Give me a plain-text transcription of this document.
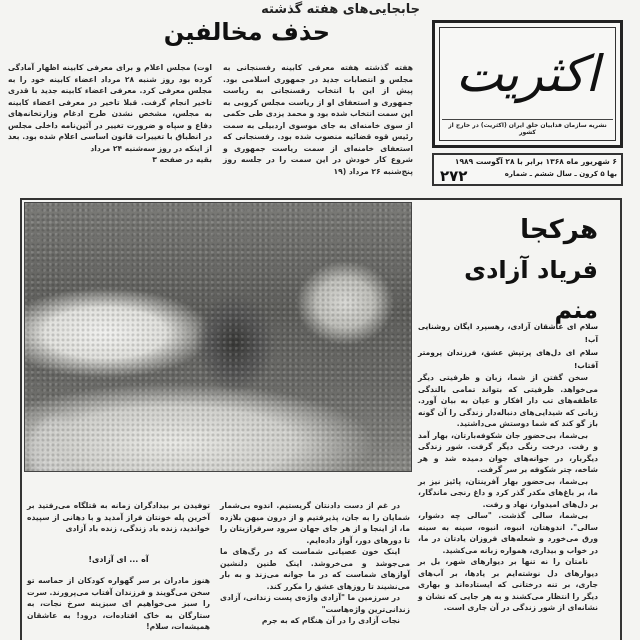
جابجایی‌های هفته گذشته
حذف مخالفین
هفته گذشته هفته معرفی کابینه رفسنجانی به مجلس و انتصابات جدید در جمهوری اسلامی بود. پیش از این با انتخاب رفسنجانی به ریاست جمهوری و استعفای او از ریاست مجلس کروبی به این سمت انتخاب شده بود و محمد یزدی طی حکمی از سوی خامنه‌ای به جای موسوی اردبیلی به سمت رئیس قوه قضائیه منصوب شده بود. رفسنجانی که استعفای خامنه‌ای از سمت ریاست جمهوری و شروع کار خودش در این سمت را در جلسه روز پنج‌شنبه ۲۶ مرداد (۱۹
اوت) مجلس اعلام و برای معرفی کابینه اظهار آمادگی کرده بود روز شنبه ۲۸ مرداد اعضاء کابینه خود را به مجلس معرفی کرد. معرفی اعضاء کابینه جدید با قدری تاخیر انجام گرفت. قبلا تاخیر در معرفی اعضاء کابینه به مجلس، مشخص نشدن طرح ادغام وزارتخانه‌های دفاع و سپاه و ضرورت تغییر در آئین‌نامه داخلی مجلس در انطباق با تغییرات قانون اساسی اعلام شده بود. بعد از اینکه در روز سه‌شنبه ۲۴ مرداد
بقیه در صفحه ۳
اکثریت
نشریه سازمان فداییان خلق ایران (اکثریت) در خارج از کشور
۶ شهریور ماه ۱۳۶۸ برابر با ۲۸ آگوست ۱۹۸۹
بها ۵ کرون ـ سال ششم ـ شماره
۲۷۲
هرکجا
فریاد آزادی منم
سلام ای عاشقان آزادی، رهسپرد ایگان روشنایی آب!
سلام ای دل‌های پرتپش عشق، فرزندان پرومتر آفتاب!

سخن گفتن از شما، زبان و ظرفیتی دیگر می‌خواهد. ظرفیتی که بتواند تمامی بالندگی عاطفه‌های تب دار افکار و عیان به بیان آورد. زبانی که شیدایی‌های دنباله‌دار زندگی را آن گونه باز گو کند که شما دوستش می‌داشتید.

بی‌شما، بی‌حضور جان شکوفه‌بارتان، بهار آمد و رفت. درخت رنگی دیگر گرفت. شور زندگی دیگربار، در جوانه‌های جوان دمیده شد و هر شاخه، چتر شکوفه بر سر گرفت.

بی‌شما، بی‌حضور بهار آفرینتان، پائیز نیز بر ما، بر باغ‌های مکدر گذر کرد و داغ رنجی ماندگار، بر دل‌های امیدوار، نهاد و رفت.

بی‌شما، سالی گذشت. "سالی چه دشوار، سالی". اندوهتان، انبوه، انبوه، سینه به سینه ورق می‌خورد و شعله‌های فروزان یادتان در ما، در خواب و بیداری، همواره زبانه می‌کشید.

نامتان را نه تنها بر دیوارهای شهر، بل بر دیوارهای دل نوشته‌ایم بر یادها، بر آب‌های جاری، بر تنه درختانی که ایستاده‌اند و بهاری دیگر را انتظار می‌کشند و به هر جایی که نشان و نشانه‌ای از شور زندگی در آن جاری است.

در غم از دست دادنتان گریستیم. اندوه بی‌شمار شمایان را به جان، پذیرفتیم و از درون میهن بلازده ما، از اینجا و از هر جای جهان سرود سرفرازیتان را تا دورهای دور، آواز داده‌ایم.

اینک خون عصیانی شماست که در رگ‌های ما می‌جوشد و می‌خروشد. اینک طنین دلنشین آوازهای شماست که در ما جوانه می‌زند و به بار می‌نشیند تا روزهای عشق را مکرر کند.

در سرزمین ما "آزادی واژه‌ی پست زندانی، آزادی زندانی‌ترین واژه‌هاست"

نجات آزادی را در آن هنگام که به جرم

توفیدن بر بیدادگران زمانه به قتلگاه می‌رفتید بر آخرین پله خونتان فراز آمدید و با دهانی از سپیده خواندید، زنده باد زندگی، زنده باد آزادی
آه ... ای آزادی!
هنوز مادران بر سر گهواره کودکان از حماسه تو سخن می‌گویند و فرزندان آفتاب می‌پرورند. سرت را سبز می‌خواهیم ای سبزینه سرخ نجات، به ستارگان به خاک افتاده‌ات، درود! به عاشقان همیشه‌ات، سلام!
